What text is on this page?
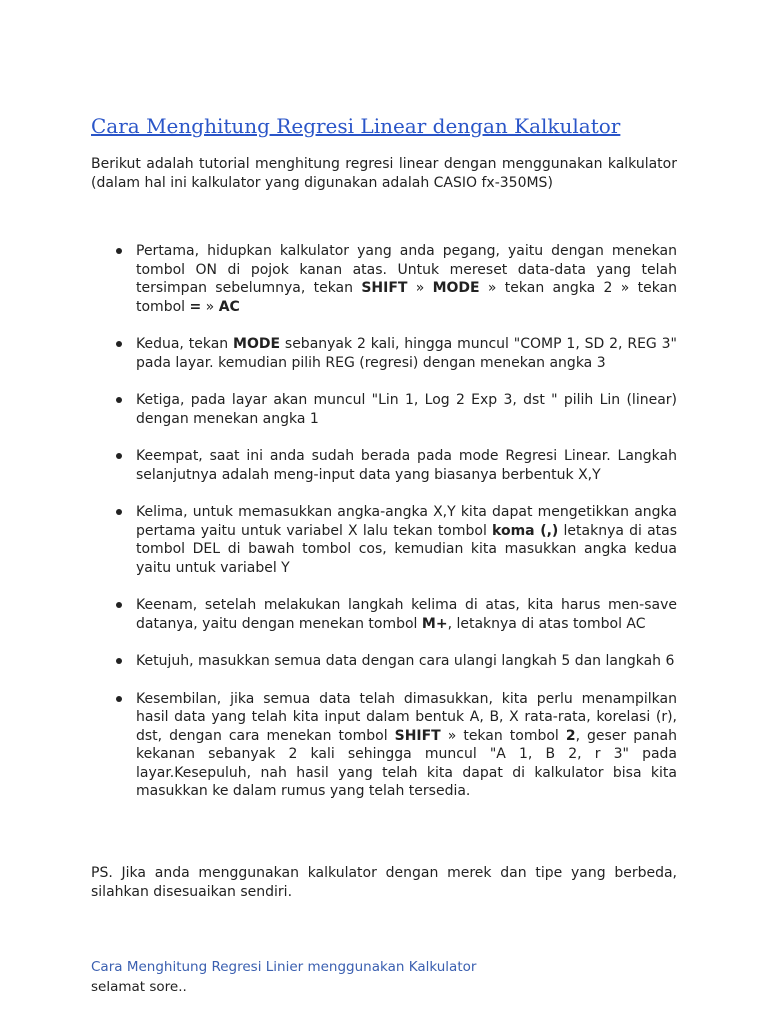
Cara Menghitung Regresi Linear dengan Kalkulator

Berikut adalah tutorial menghitung regresi linear dengan menggunakan kalkulator (dalam hal ini kalkulator yang digunakan adalah CASIO fx-350MS)

Pertama, hidupkan kalkulator yang anda pegang, yaitu dengan menekan tombol ON di pojok kanan atas. Untuk mereset data-data yang telah tersimpan sebelumnya, tekan SHIFT » MODE » tekan angka 2 » tekan tombol = » AC
Kedua, tekan MODE sebanyak 2 kali, hingga muncul "COMP 1, SD 2, REG 3" pada layar. kemudian pilih REG (regresi) dengan menekan angka 3
Ketiga, pada layar akan muncul "Lin 1, Log 2 Exp 3, dst " pilih Lin (linear) dengan menekan angka 1
Keempat, saat ini anda sudah berada pada mode Regresi Linear. Langkah selanjutnya adalah meng-input data yang biasanya berbentuk X,Y
Kelima, untuk memasukkan angka-angka X,Y kita dapat mengetikkan angka pertama yaitu untuk variabel X lalu tekan tombol koma (,) letaknya di atas tombol DEL di bawah tombol cos, kemudian kita masukkan angka kedua yaitu untuk variabel Y
Keenam, setelah melakukan langkah kelima di atas, kita harus men-save datanya, yaitu dengan menekan tombol M+, letaknya di atas tombol AC
Ketujuh, masukkan semua data dengan cara ulangi langkah 5 dan langkah 6
Kesembilan, jika semua data telah dimasukkan, kita perlu menampilkan hasil data yang telah kita input dalam bentuk A, B, X rata-rata, korelasi (r), dst, dengan cara menekan tombol SHIFT » tekan tombol 2, geser panah kekanan sebanyak 2 kali sehingga muncul "A 1, B 2, r 3" pada layar.Kesepuluh, nah hasil yang telah kita dapat di kalkulator bisa kita masukkan ke dalam rumus yang telah tersedia.

PS. Jika anda menggunakan kalkulator dengan merek dan tipe yang berbeda, silahkan disesuaikan sendiri.

Cara Menghitung Regresi Linier menggunakan Kalkulator

selamat sore..
